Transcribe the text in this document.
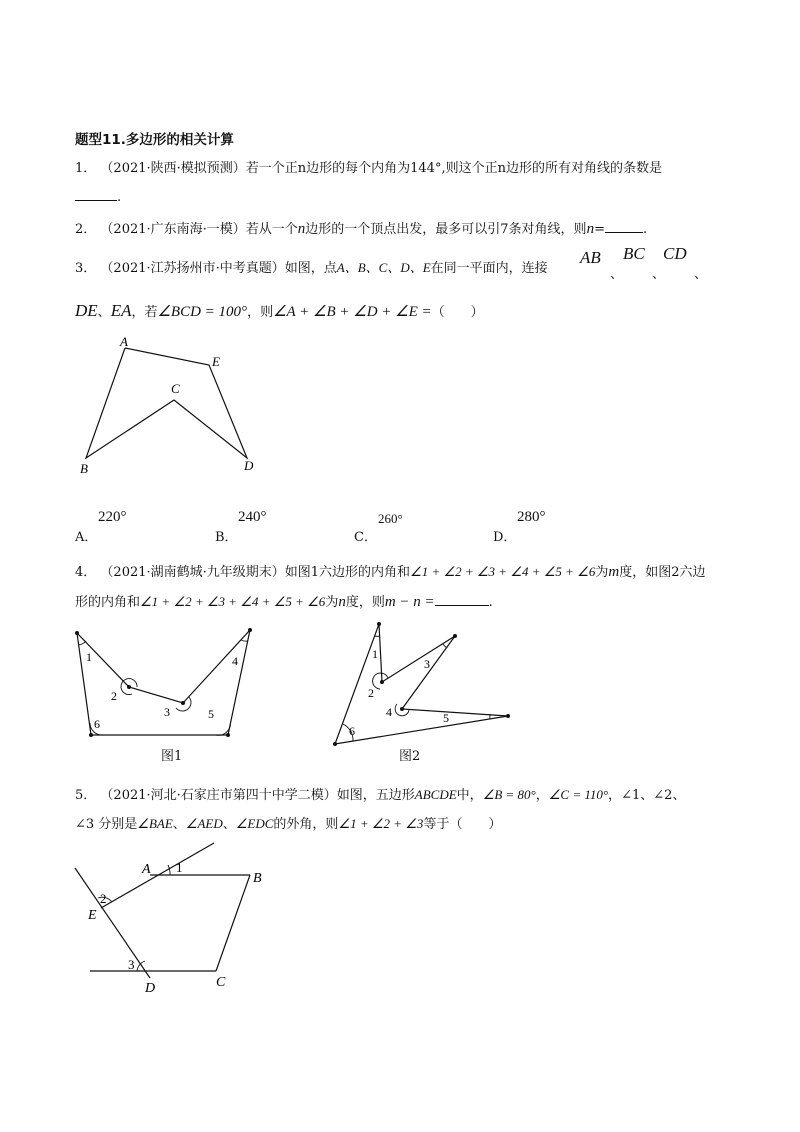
题型11.多边形的相关计算
1． （2021·陕西·模拟预测）若一个正n边形的每个内角为144°,则这个正n边形的所有对角线的条数是
.
2． （2021·广东南海·一模）若从一个n边形的一个顶点出发，最多可以引7条对角线，则n=	.
3． （2021·江苏扬州市·中考真题）如图，点A、B、C、D、E在同一平面内，连接
AB
、
BC
、
CD
、
DE、EA，若∠BCD = 100°，则∠A + ∠B + ∠D + ∠E =（　　）
A
E
C
B	D
A．
220°
B．
240°
C．
260°
D．
280°
4． （2021·湖南鹤城·九年级期末）如图1六边形的内角和∠1 + ∠2 + ∠3 + ∠4 + ∠5 + ∠6为m度，如图2六边
形的内角和∠1 + ∠2 + ∠3 + ∠4 + ∠5 + ∠6为n度，则m − n =	.
1
2
3
4
5
6
图1
1
2
3
4	5
6
图2
5． （2021·河北·石家庄市第四十中学二模）如图，五边形ABCDE中，∠B = 80°，∠C = 110°，∠1、∠2、
∠3 分别是∠BAE、∠AED、∠EDC的外角，则∠1 + ∠2 + ∠3等于（　　）
A
B
C
D
E
1
2
3
